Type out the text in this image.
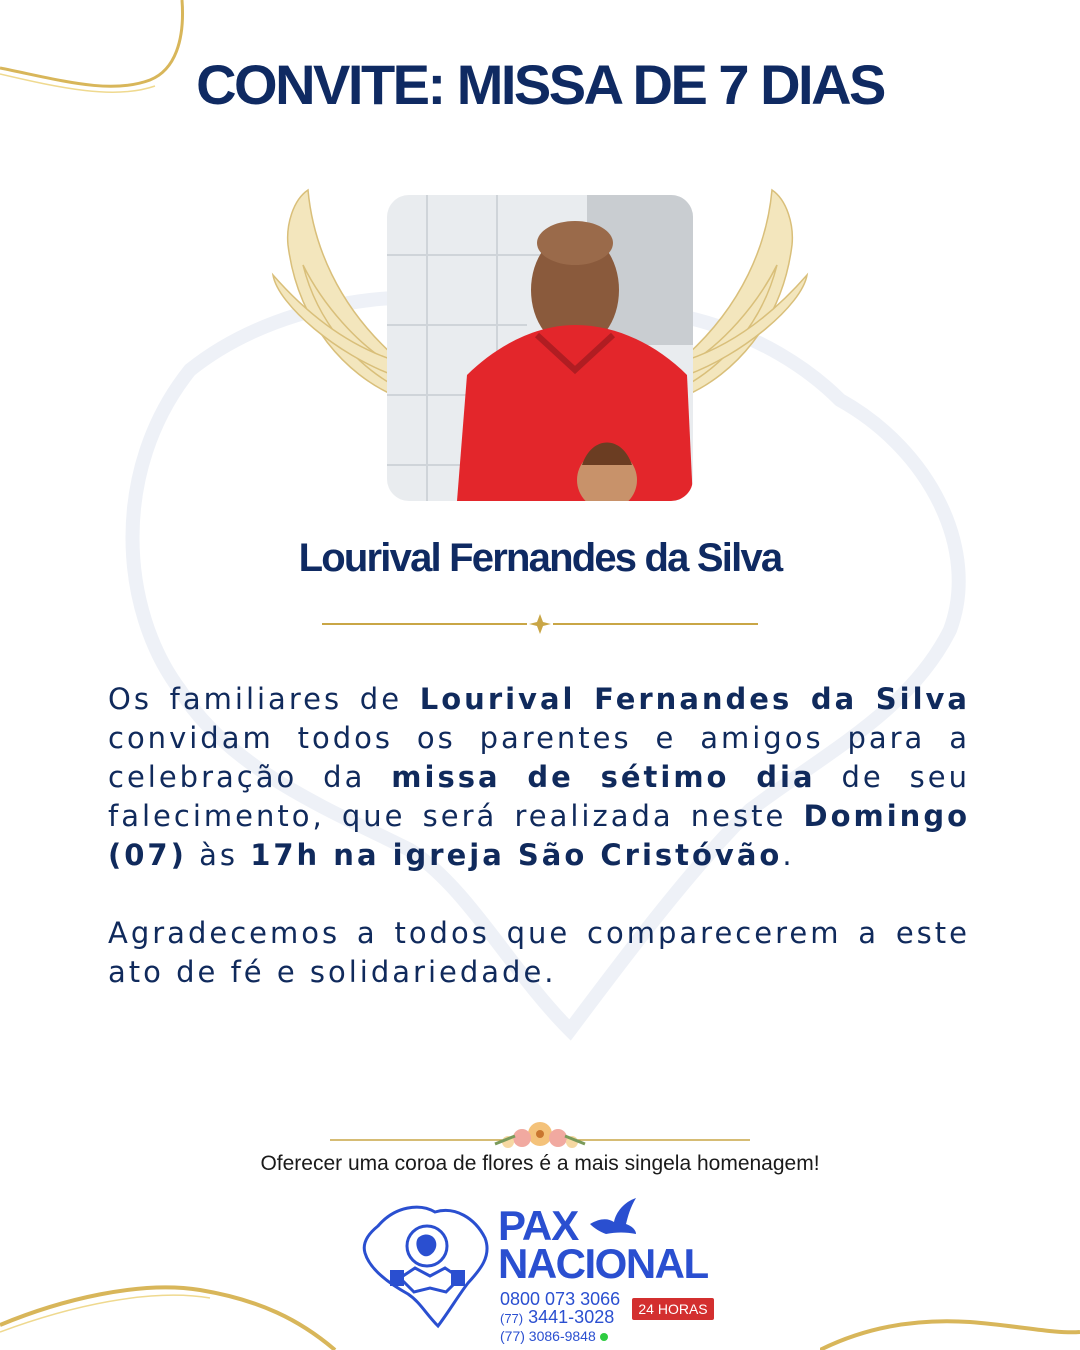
CONVITE: MISSA DE 7 DIAS
Lourival Fernandes da Silva

Os familiares de Lourival Fernandes da Silva convidam todos os parentes e amigos para a celebração da missa de sétimo dia de seu falecimento, que será realizada neste Domingo (07) às 17h na igreja São Cristóvão.

Agradecemos a todos que comparecerem a este ato de fé e solidariedade.

Oferecer uma coroa de flores é a mais singela homenagem!
PAX
NACIONAL
0800 073 3066
(77) 3441-3028
(77) 3086-9848
24 HORAS
